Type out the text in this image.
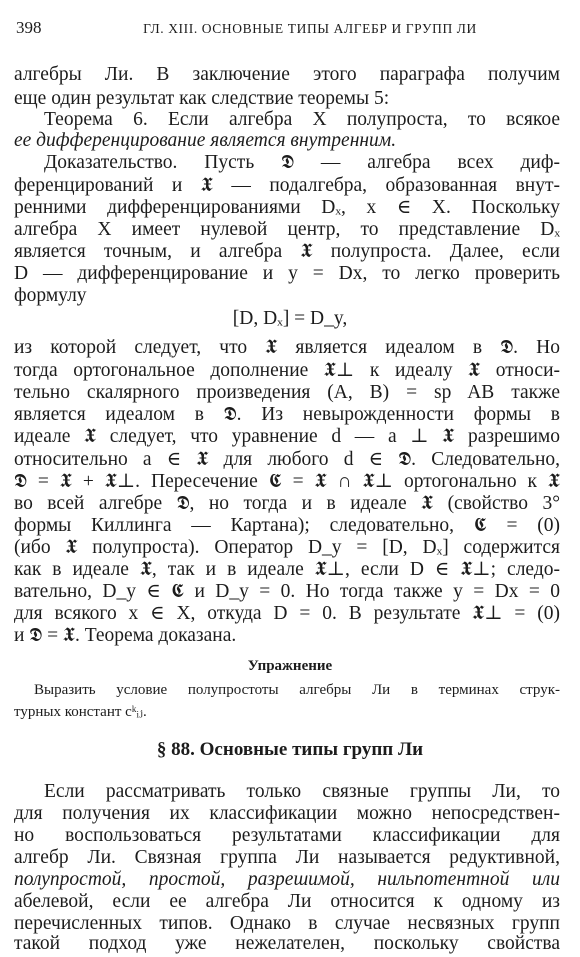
398	ГЛ. XIII. ОСНОВНЫЕ ТИПЫ АЛГЕБР И ГРУПП ЛИ
алгебры Ли. В заключение этого параграфа получим
еще один результат как следствие теоремы 5:
Теорема 6. Если алгебра X полупроста, то всякое
ее дифференцирование является внутренним.
Доказательство. Пусть 𝕯 — алгебра всех диф-
ференцирований и 𝖃 — подалгебра, образованная внут-
ренними дифференцированиями Dₓ, x ∈ X. Поскольку
алгебра X имеет нулевой центр, то представление Dₓ
является точным, и алгебра 𝖃 полупроста. Далее, если
D — дифференцирование и y = Dx, то легко проверить
формулу
[D, Dₓ] = D_y,
из которой следует, что 𝖃 является идеалом в 𝕯. Но
тогда ортогональное дополнение 𝖃⊥ к идеалу 𝖃 относи-
тельно скалярного произведения (A, B) = sp AB также
является идеалом в 𝕯. Из невырожденности формы в
идеале 𝖃 следует, что уравнение d — a ⊥ 𝖃 разрешимо
относительно a ∈ 𝖃 для любого d ∈ 𝕯. Следовательно,
𝕯 = 𝖃 + 𝖃⊥. Пересечение 𝕮 = 𝖃 ∩ 𝖃⊥ ортогонально к 𝖃
во всей алгебре 𝕯, но тогда и в идеале 𝖃 (свойство 3°
формы Киллинга — Картана); следовательно, 𝕮 = (0)
(ибо 𝖃 полупроста). Оператор D_y = [D, Dₓ] содержится
как в идеале 𝖃, так и в идеале 𝖃⊥, если D ∈ 𝖃⊥; следо-
вательно, D_y ∈ 𝕮 и D_y = 0. Но тогда также y = Dx = 0
для всякого x ∈ X, откуда D = 0. В результате 𝖃⊥ = (0)
и 𝕯 = 𝖃. Теорема доказана.
Упражнение
Выразить условие полупростоты алгебры Ли в терминах струк-
турных констант cᵏᵢⱼ.
§ 88. Основные типы групп Ли
Если рассматривать только связные группы Ли, то
для получения их классификации можно непосредствен-
но воспользоваться результатами классификации для
алгебр Ли. Связная группа Ли называется редуктивной,
полупростой, простой, разрешимой, нильпотентной или
абелевой, если ее алгебра Ли относится к одному из
перечисленных типов. Однако в случае несвязных групп
такой подход уже нежелателен, поскольку свойства
